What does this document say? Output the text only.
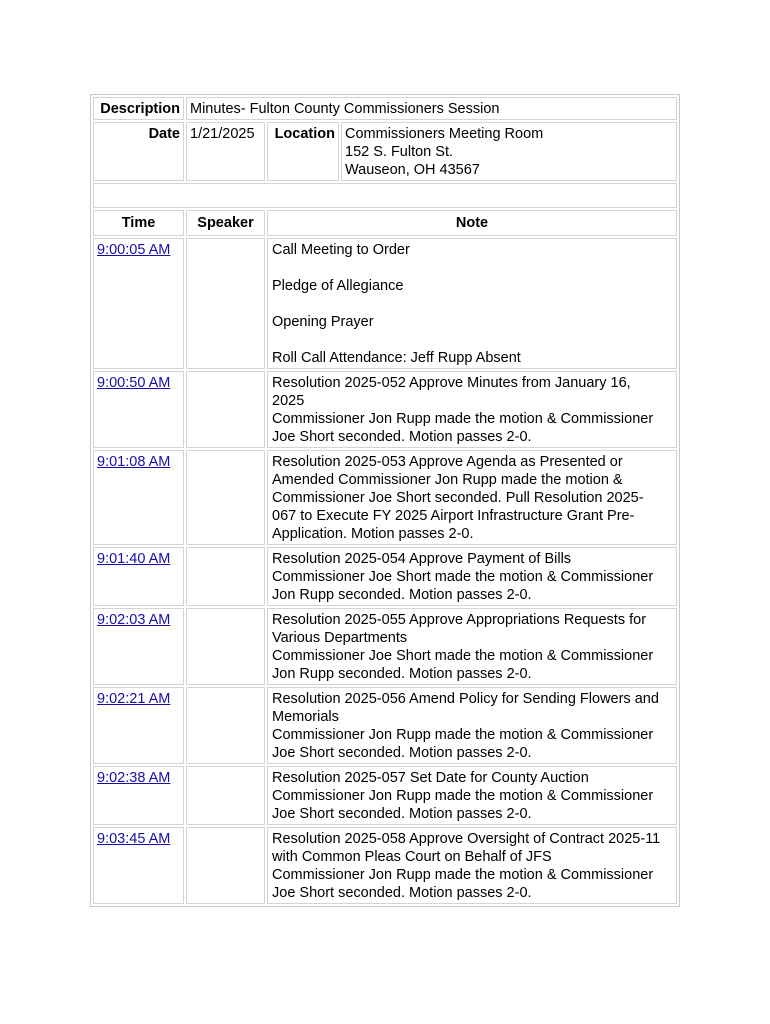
Description	Minutes- Fulton County Commissioners Session		
Date	1/21/2025	Location	Commissioners Meeting Room
152 S. Fulton St.
Wauseon, OH 43567

Time	Speaker	Note	
9:00:05 AM		Call Meeting to Order

Pledge of Allegiance

Opening Prayer

Roll Call Attendance: Jeff Rupp Absent	

9:00:50 AM		Resolution 2025-052 Approve Minutes from January 16,
2025
Commissioner Jon Rupp made the motion & Commissioner
Joe Short seconded. Motion passes 2-0.	

9:01:08 AM		Resolution 2025-053 Approve Agenda as Presented or
Amended Commissioner Jon Rupp made the motion &
Commissioner Joe Short seconded. Pull Resolution 2025-
067 to Execute FY 2025 Airport Infrastructure Grant Pre-
Application. Motion passes 2-0.	

9:01:40 AM		Resolution 2025-054 Approve Payment of Bills
Commissioner Joe Short made the motion & Commissioner
Jon Rupp seconded. Motion passes 2-0.	

9:02:03 AM		Resolution 2025-055 Approve Appropriations Requests for
Various Departments
Commissioner Joe Short made the motion & Commissioner
Jon Rupp seconded. Motion passes 2-0.	

9:02:21 AM		Resolution 2025-056 Amend Policy for Sending Flowers and
Memorials
Commissioner Jon Rupp made the motion & Commissioner
Joe Short seconded. Motion passes 2-0.	

9:02:38 AM		Resolution 2025-057 Set Date for County Auction
Commissioner Jon Rupp made the motion & Commissioner
Joe Short seconded. Motion passes 2-0.	

9:03:45 AM		Resolution 2025-058 Approve Oversight of Contract 2025-11
with Common Pleas Court on Behalf of JFS
Commissioner Jon Rupp made the motion & Commissioner
Joe Short seconded. Motion passes 2-0.	
